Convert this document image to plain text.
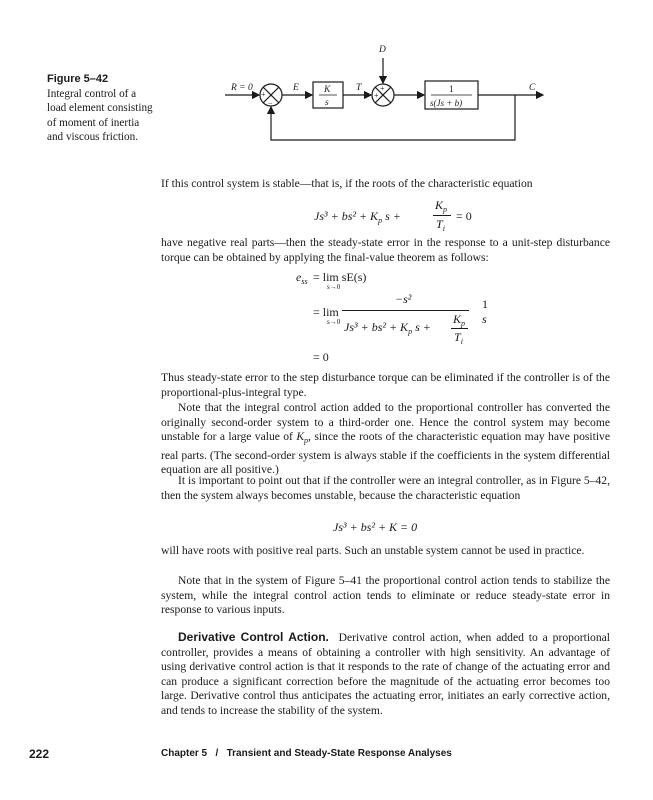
Figure 5–42
Integral control of a load element consisting of moment of inertia and viscous friction.
R = 0	E	K
s
T
D
C
s(Js + b)
1
+
−
+
+
If this control system is stable—that is, if the roots of the characteristic equation
$Js^3 + bs^2 + K_p$ s +
$K_p$
$T_i$
= 0
have negative real parts—then the steady-state error in the response to a unit-step disturbance torque can be obtained by applying the final-value theorem as follows:
$e_{ss} = \lim sE(s)$
s→0
= lim
s→0
−s²
$Js^3 + bs^2 + K_p$ s +
$K_p$
$T_i$
1
s
= 0
Thus steady-state error to the step disturbance torque can be eliminated if the controller is of the proportional-plus-integral type.
Note that the integral control action added to the proportional controller has converted the originally second-order system to a third-order one. Hence the control system may become unstable for a large value of $K_p$, since the roots of the characteristic equation may have positive real parts. (The second-order system is always stable if the coefficients in the system differential equation are all positive.)
It is important to point out that if the controller were an integral controller, as in Figure 5–42, then the system always becomes unstable, because the characteristic equation
Js³ + bs² + K = 0
will have roots with positive real parts. Such an unstable system cannot be used in practice.
Note that in the system of Figure 5–41 the proportional control action tends to stabilize the system, while the integral control action tends to eliminate or reduce steady-state error in response to various inputs.
Derivative Control Action. Derivative control action, when added to a proportional controller, provides a means of obtaining a controller with high sensitivity. An advantage of using derivative control action is that it responds to the rate of change of the actuating error and can produce a significant correction before the magnitude of the actuating error becomes too large. Derivative control thus anticipates the actuating error, initiates an early corrective action, and tends to increase the stability of the system.
222	Chapter 5   /   Transient and Steady-State Response Analyses
